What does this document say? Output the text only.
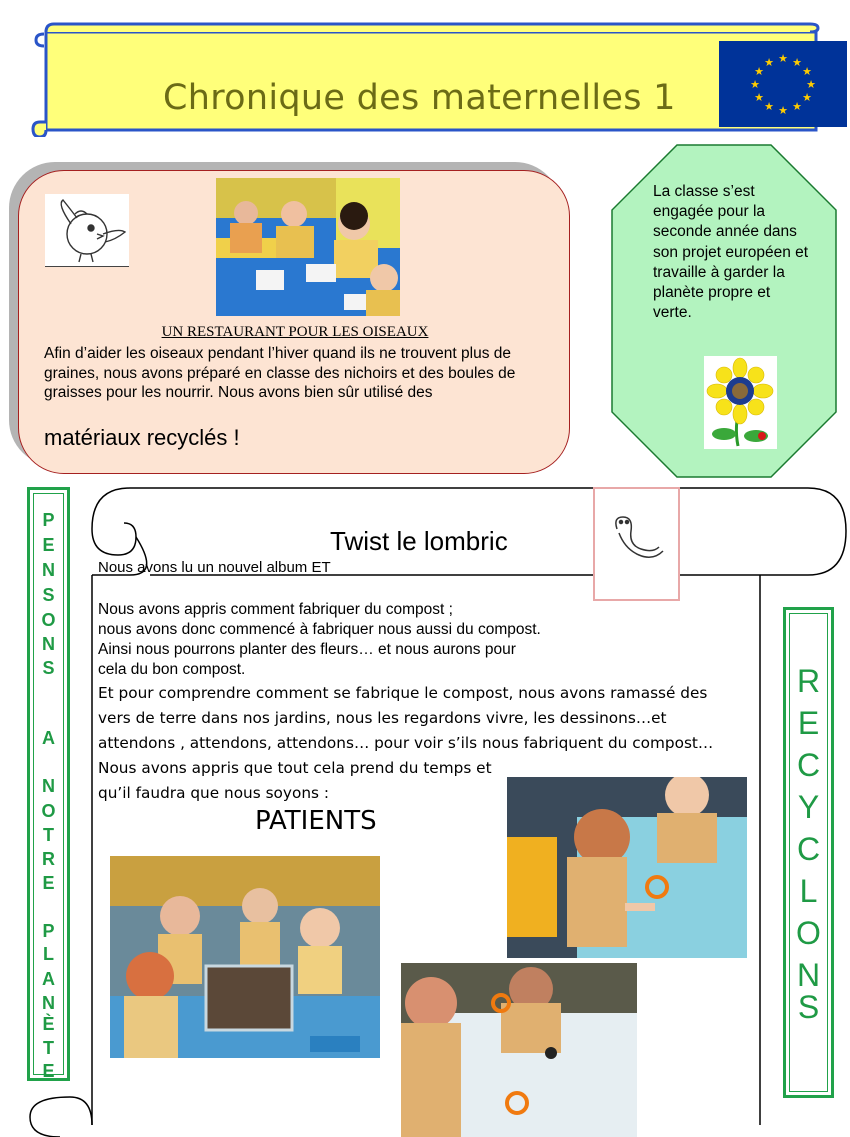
Chronique des maternelles 1
★ ★
★
★
★
★
★
★
★
★
★
★
UN RESTAURANT POUR LES OISEAUX
Afin d’aider les oiseaux pendant l’hiver quand ils ne trouvent plus de graines, nous avons préparé en classe des nichoirs et des boules de graisses pour les nourrir. Nous avons bien sûr utilisé des
matériaux recyclés !
La classe s’est engagée pour la seconde année dans son projet européen et travaille à garder la planète propre et verte.
Twist le lombric
Nous avons lu un nouvel album ET
Nous avons appris comment fabriquer du compost ;
nous avons donc commencé à fabriquer nous aussi du compost.
Ainsi nous pourrons planter des fleurs… et nous aurons pour
cela du bon compost.

Et pour comprendre comment se fabrique le compost, nous avons ramassé des

vers de terre dans nos jardins, nous les regardons vivre, les dessinons…et

attendons , attendons, attendons… pour voir s’ils nous fabriquent du compost…

Nous avons appris que tout cela prend du temps et

qu’il faudra que nous soyons :

PATIENTS
P
E
N
S
O
N
S
A
N
O
T
R
E
P
L
A
N
È
T
E
R
E
C
Y
C
L
O
N
S
